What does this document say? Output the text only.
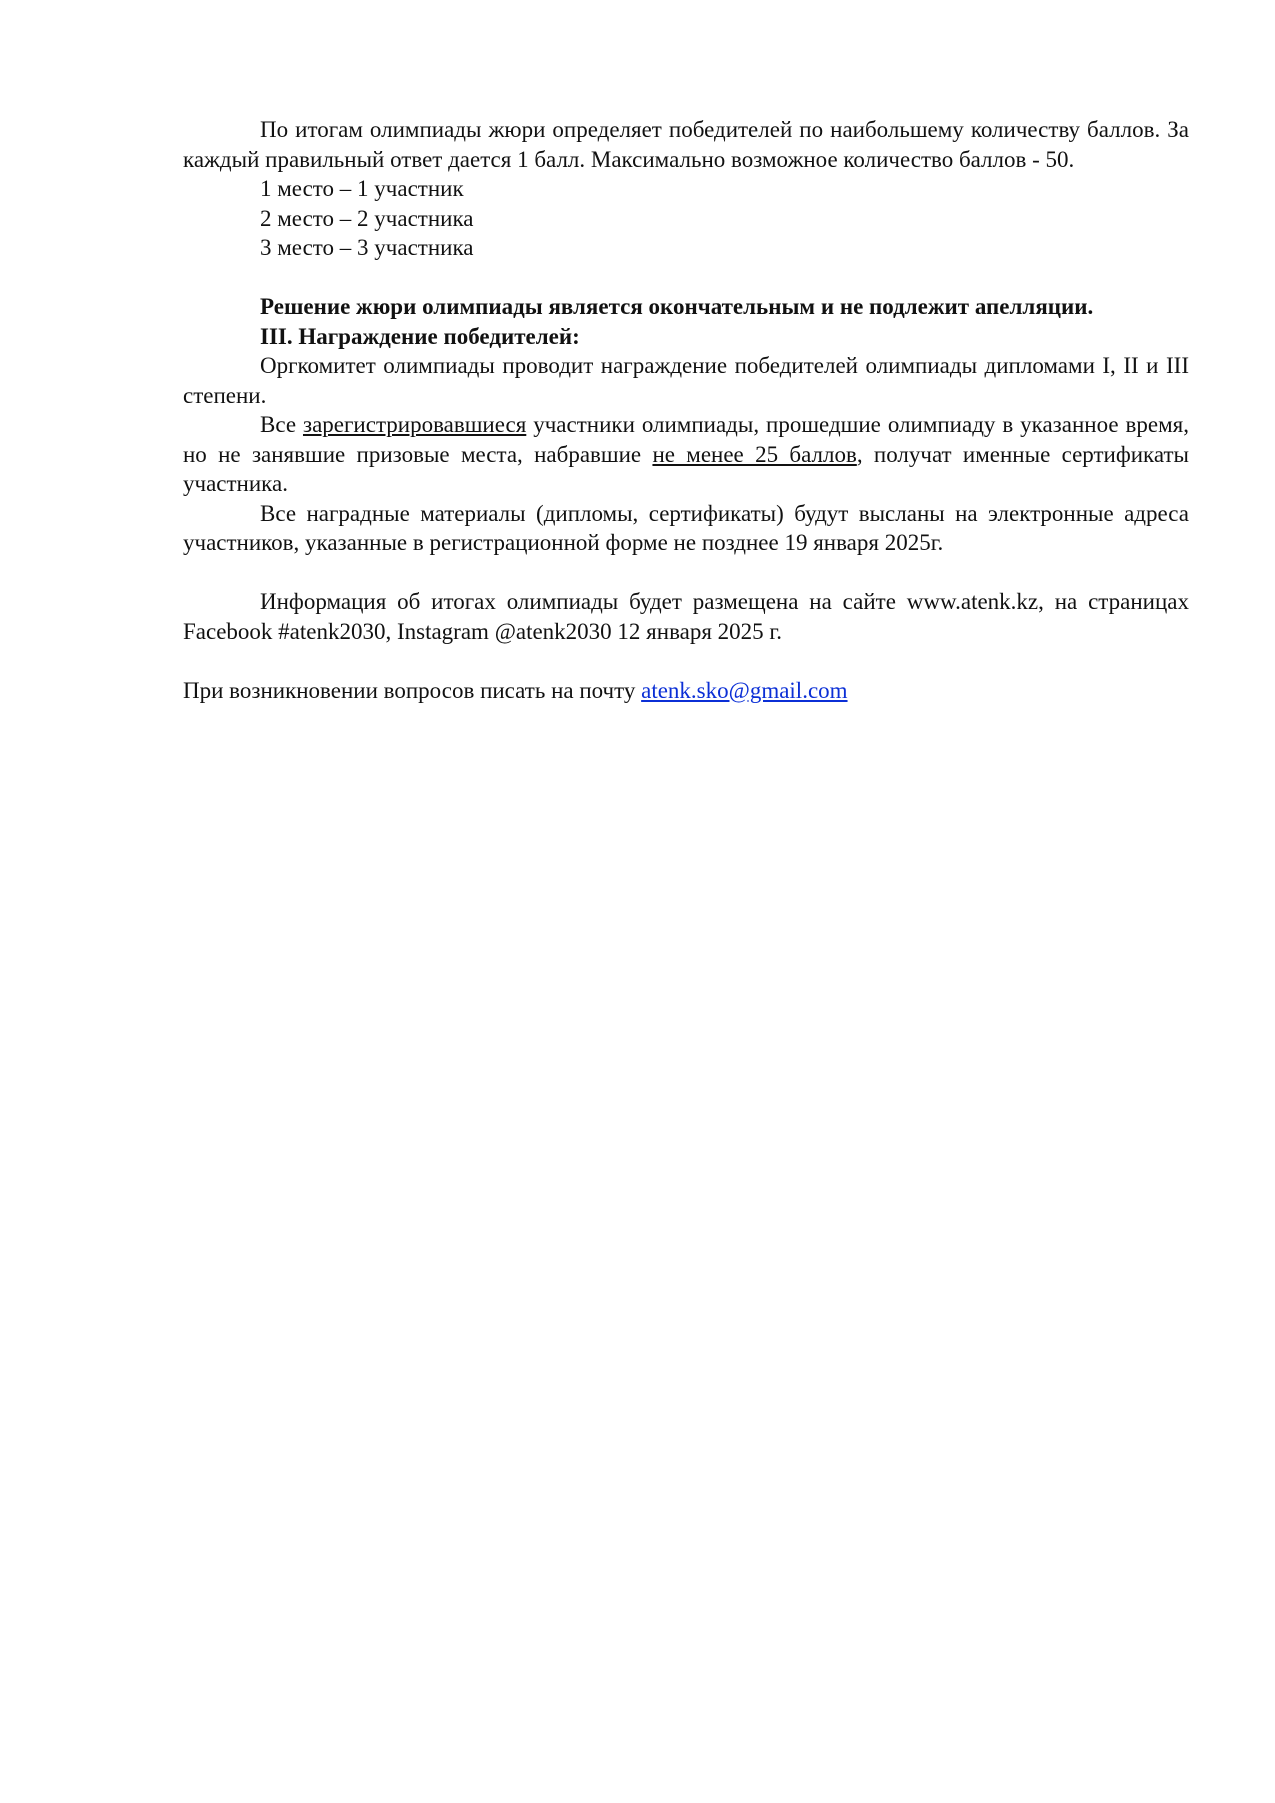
По итогам олимпиады жюри определяет победителей по наибольшему количеству баллов. За каждый правильный ответ дается 1 балл. Максимально возможное количество баллов - 50.

1 место – 1 участник

2 место – 2 участника

3 место – 3 участника

Решение жюри олимпиады является окончательным и не подлежит апелляции.

III. Награждение победителей:

Оргкомитет олимпиады проводит награждение победителей олимпиады дипломами I, II и III степени.

Все зарегистрировавшиеся участники олимпиады, прошедшие олимпиаду в указанное время, но не занявшие призовые места, набравшие не менее 25 баллов, получат именные сертификаты участника.

Все наградные материалы (дипломы, сертификаты) будут высланы на электронные адреса участников, указанные в регистрационной форме не позднее 19 января 2025г.

Информация об итогах олимпиады будет размещена на сайте www.atenk.kz, на страницах Facebook #atenk2030, Instagram @atenk2030 12 января 2025 г.

При возникновении вопросов писать на почту atenk.sko@gmail.com
